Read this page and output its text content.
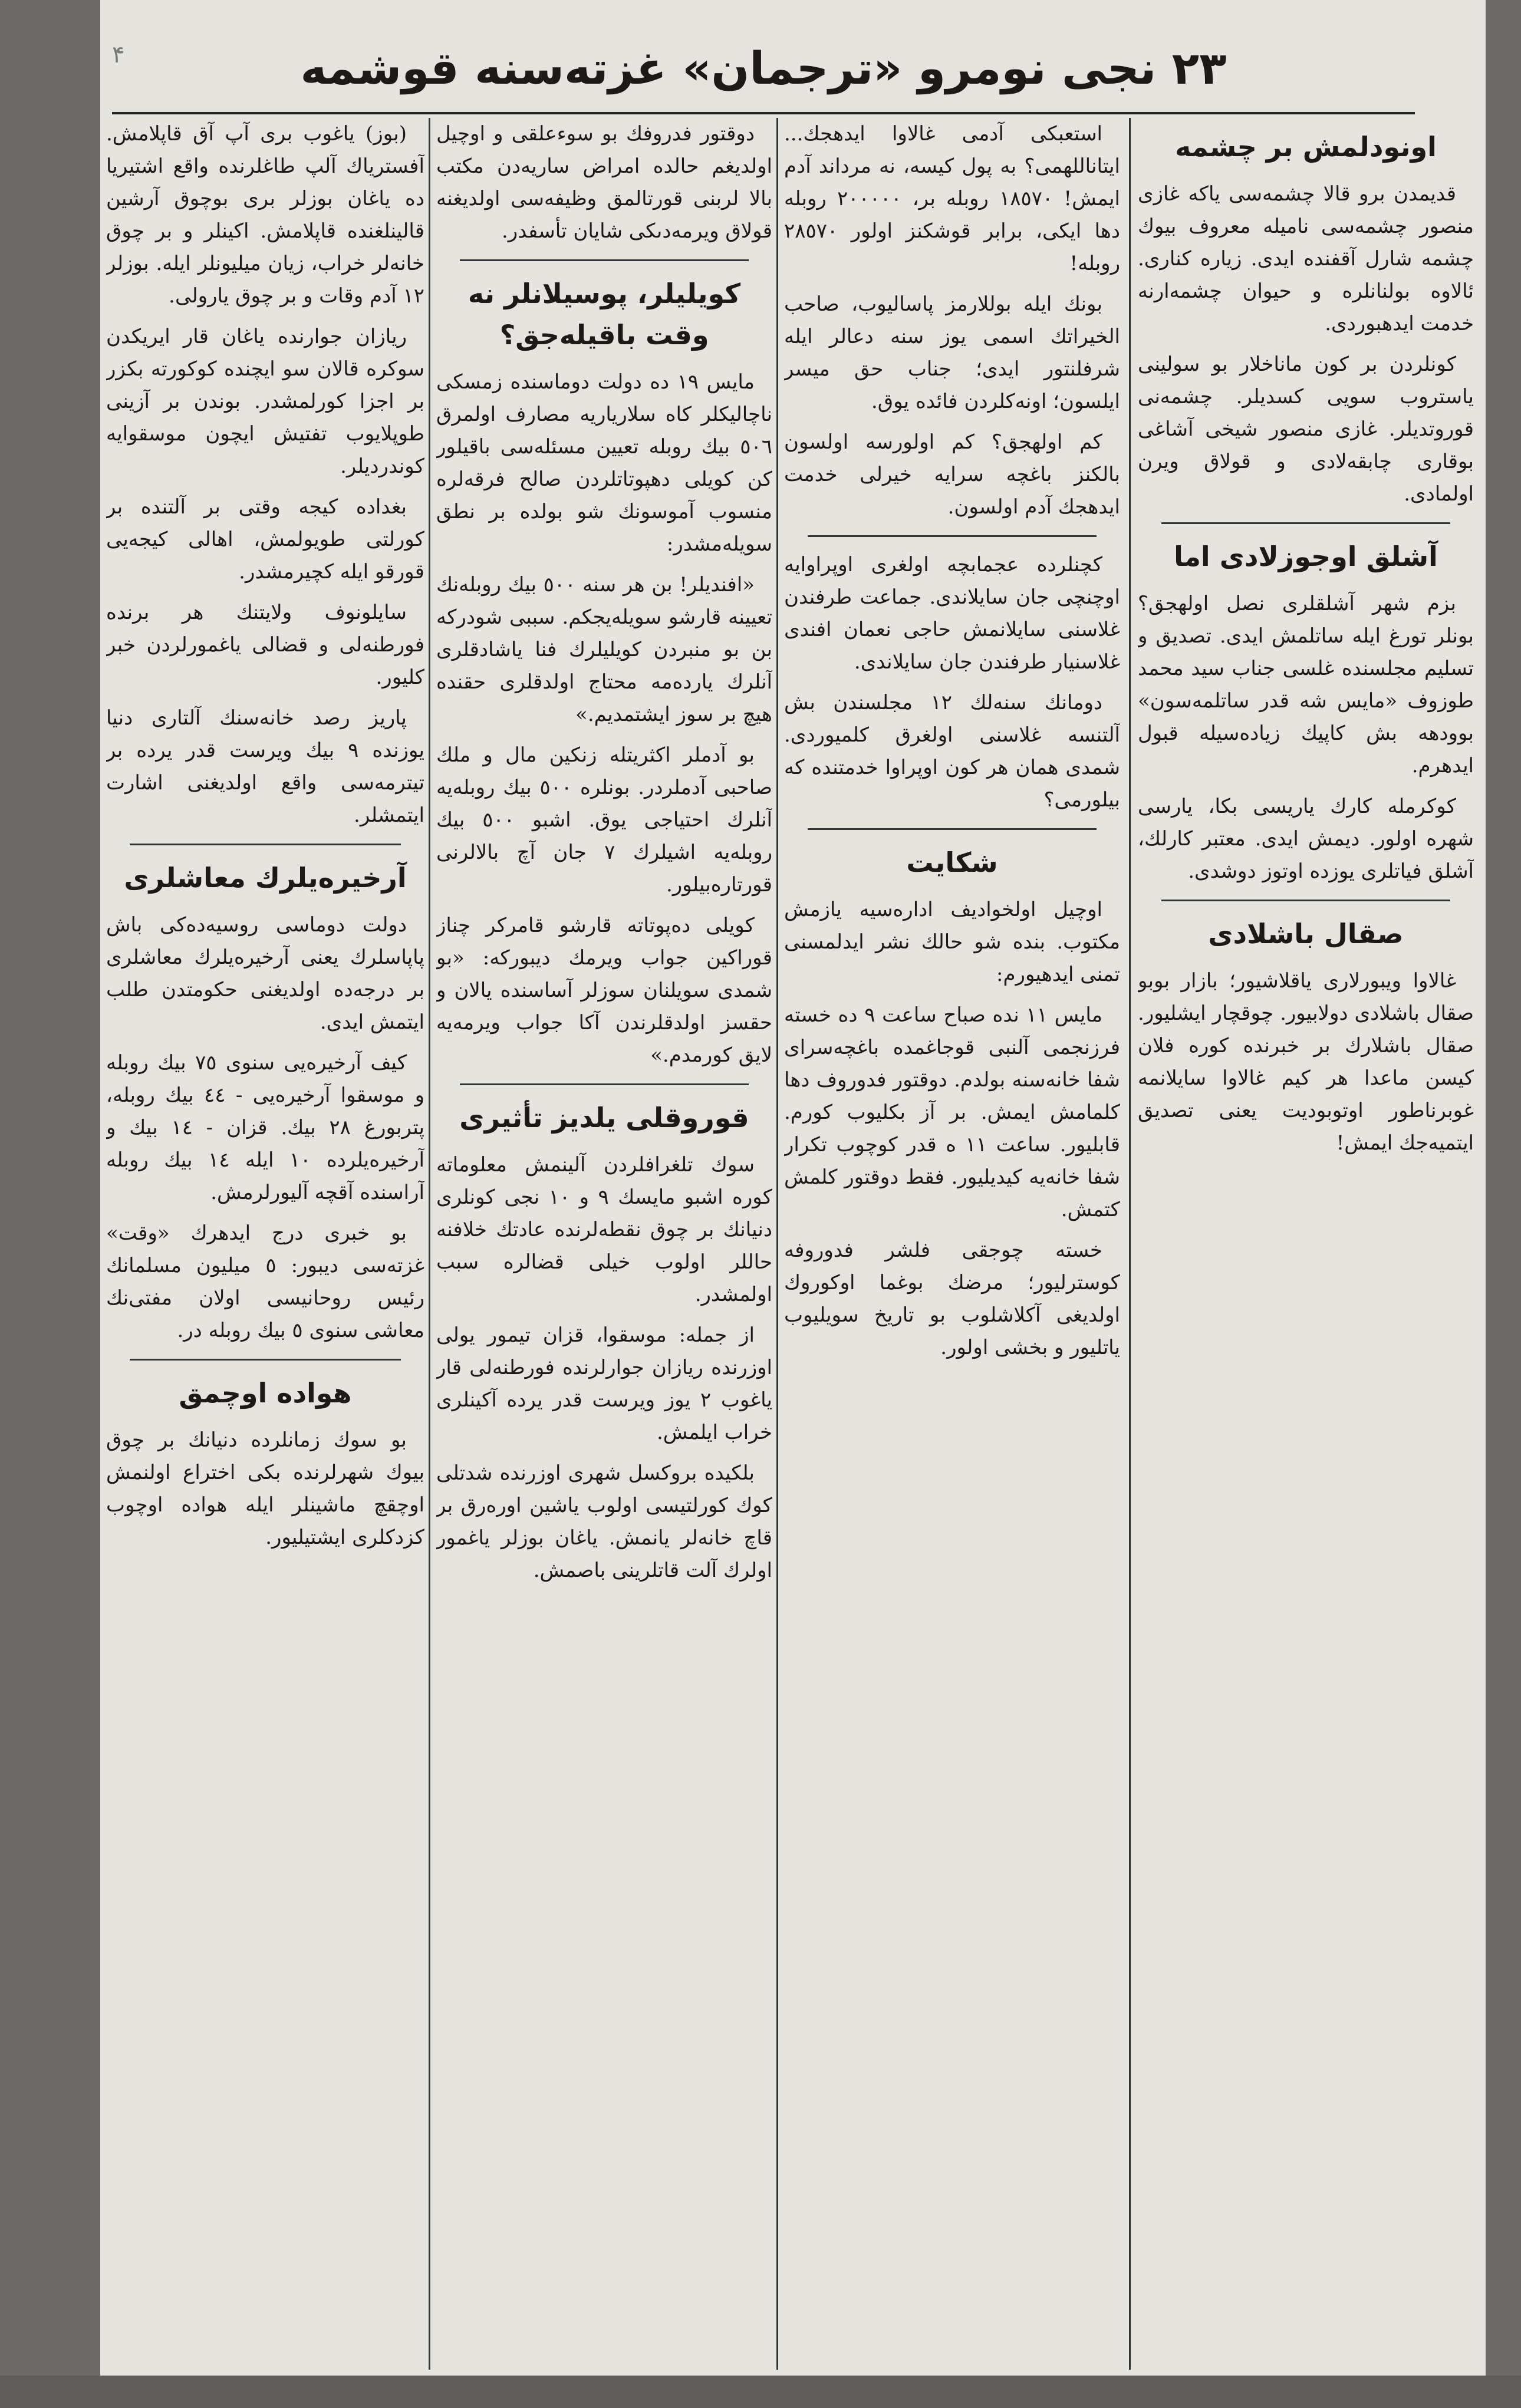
۴	٢٣ نجى نومرو «ترجمان» غزته‌سنه قوشمه
اونودلمش بر چشمه

قديمدن برو قالا چشمه‌سى ياكه غازى منصور چشمه‌سى نامیله معروف بیوك چشمه شارل آقفنده ايدى. زياره كنارى. ئالاوه بولنانلره و حیوان چشمه‌ارنه خدمت ايدهبوردى.

كونلردن بر كون ماناخلار بو سولینی یاستروب سویى کسدیلر. چشمه‌نى قوروتدیلر. غازى منصور شیخى آشاغى بوقارى چابقه‌لادى و قولاق ویرن اولمادى.

آشلق اوجوزلادى اما

بزم شهر آشلقلرى نصل اولهجق؟ بونلر تورغ ايله ساتلمش ايدى. تصديق و تسليم مجلسنده غلسى جناب سيد محمد طوزوف «مايس شه قدر ساتلمه‌سون» بوودهه بش كاپيك زياده‌سيله قبول ايدهرم.

كوكرمله كارك ياريسى بكا، يارسى شهره اولور. ديمش ايدى. معتبر كارلك، آشلق فياتلرى يوزده اوتوز دوشدى.

صقال باشلادى

غالاوا ويبورلارى ياقلاشيور؛ بازار بوبو صقال باشلادى دولابيور. چوقچار ايشليور. صقال باشلارك بر خبرنده كوره فلان كيسن ماعدا هر كيم غالاوا سايلانمه غوبرناطور اوتوبوديت يعنى تصديق ايتميه‌جك ايمش!

استعبكى آدمى غالاوا ايدهجك... ايتاناللهمى؟ به پول كیسه، نه مرداند آدم ايمش! ١٨٥٧٠ روبله بر، ٢٠٠٠٠٠ روبله دها ايكى، برابر قوشكنز اولور ٢٨٥٧٠ روبله!

بونك ايله بوللارمز پاساليوب، صاحب الخيراتك اسمى يوز سنه دعالر ايله شرفلنتور ايدى؛ جناب حق ميسر ايلسون؛ اونه‌كلردن فائده يوق.

كم اولهجق؟ كم اولورسه اولسون بالكنز باغچه سرايه خيرلى خدمت ايدهجك آدم اولسون.

كچنلرده عجمابچه اولغرى اوپراوايه اوچنچى جان سايلاندى. جماعت طرفندن غلاسنى سايلانمش حاجى نعمان افندى غلاسنيار طرفندن جان سايلاندى.

دومانك سنه‌لك ١٢ مجلسندن بش آلتنسه غلاسنى اولغرق كلميوردى. شمدى همان هر كون اوپراوا خدمتنده كه بيلورمى؟

شكايت

اوچيل اولخواديف اداره‌سيه يازمش مكتوب. بنده شو حالك نشر ايدلمسنى تمنى ايدهيورم:

مايس ١١ نده صباح ساعت ٩ ده خسته فرزنجمى آلنبى قوجاغمده باغچه‌سراى شفا خانه‌سنه بولدم. دوقتور فدوروف دها كلمامش ايمش. بر آز بكليوب كورم. قابليور. ساعت ١١ ه قدر كوچوب تكرار شفا خانه‌يه كيد‌يليور. فقط دوقتور كلمش كتمش.

خسته چوجقى فلشر فدوروفه كوسترليور؛ مرضك بوغما اوكوروك اولديغى آكلاشلوب بو تاريخ سويليوب ياتليور و بخشى اولور.

دوقتور فدروفك بو سوءعلقى و اوچيل اولديغم حالده امراض ساريه‌دن مكتب بالا لربنى قورتالمق وظيفه‌سى اولديغنه قولاق ويرمه‌دىكى شايان تأسفدر.

كويليلر، پوسيلانلر نه وقت باقيله‌جق؟

مايس ١٩ ده دولت دوماسنده زمسكى ناچاليكلر كاه سلارياريه مصارف اولمرق ٥٠٦ بيك روبله تعيين مسئله‌سى باقيلور كن كويلى دهپوتاتلردن صالح فرقه‌لره منسوب آموسونك شو بولده بر نطق سويله‌مشدر:

«افنديلر! بن هر سنه ٥٠٠ بيك روبله‌نك تعيينه قارشو سويله‌يجكم. سببى شودركه بن بو منبردن كويليلرك فنا ياشادقلرى آنلرك يارده‌مه محتاج اولدقلرى حقنده هيچ بر سوز ايشتمديم.»

بو آدملر اكثريتله زنكين مال و ملك صاحبى آدملردر. بونلره ٥٠٠ بيك روبله‌يه آنلرك احتياجى يوق. اشبو ٥٠٠ بيك روبله‌يه اشيلرك ٧ جان آچ بالالرنى قورتاره‌بيلور.

كويلى ده‌پوتاته قارشو قامركر چناز قوراكين جواب ويرمك ديبوركه: «بو شمدى سويلنان سوزلر آساسنده يالان و حقسز اولدقلرندن آكا جواب ويرمه‌يه لايق كورمدم.»

قوروقلى يلديز تأثيرى

سوك تلغرافلردن آلينمش معلوماته كوره اشبو مايسك ٩ و ١٠ نجى كونلرى دنيانك بر چوق نقطه‌لرنده عادتك خلافنه حاللر اولوب خيلى قضالره سبب اولمشدر.

از جمله: موسقوا، قزان تيمور يولى اوزرنده ريازان جوارلرنده فورطنه‌لى قار ياغوب ٢ يوز ويرست قدر يرده آكينلرى خراب ايلمش.

بلكيده بروكسل شهرى اوزرنده شدتلى كوك كورلتيسى اولوب ياشين اوره‌رق بر قاچ خانه‌لر يانمش. ياغان بوزلر ياغمور اولرك آلت قاتلرينى باصمش.

(بوز) ياغوب برى آپ آق قاپلامش. آفسترياك آلپ طاغلرنده واقع اشتيريا ده ياغان بوزلر برى بوچوق آرشين قالينلغنده قاپلامش. اكينلر و بر چوق خانه‌لر خراب، زيان ميليونلر ايله. بوزلر ١٢ آدم وقات و بر چوق يارولى.

ريازان جوارنده ياغان قار ايريكدن سوكره قالان سو ايچنده كوكورته بكزر بر اجزا كورلمشدر. بوندن بر آزينى طوپلايوب تفتيش ايچون موسقوايه كوندرديلر.

بغداده كيجه وقتى بر آلتنده بر كورلتى طويولمش، اهالى كيجه‌يى قورقو ايله كچيرمشدر.

سايلونوف ولايتنك هر برنده فورطنه‌لى و قضالى ياغمورلردن خبر كليور.

پاريز رصد خانه‌سنك آلتارى دنيا يوزنده ٩ بيك ويرست قدر يرده بر تيترمه‌سى واقع اولديغنى اشارت ايتمشلر.

آرخيره‌يلرك معاشلرى

دولت دوماسى روسيه‌ده‌كى باش پاپاسلرك يعنى آرخيره‌يلرك معاشلرى بر درجه‌ده اولديغنى حكومتدن طلب ايتمش ايدى.

كيف آرخيره‌يى سنوى ٧٥ بيك روبله و موسقوا آرخيره‌يى - ٤٤ بيك روبله، پتربورغ ٢٨ بيك. قزان - ١٤ بيك و آرخيره‌يلرده ١٠ ايله ١٤ بيك روبله آراسنده آقچه آليورلرمش.

بو خبرى درج ايدهرك «وقت» غزته‌سى ديبور: ٥ ميليون مسلمانك رئيس روحانيسى اولان مفتى‌نك معاشى سنوى ٥ بيك روبله در.

هواده اوچمق

بو سوك زمانلرده دنيانك بر چوق بيوك شهرلرنده بكى اختراع اولنمش اوچقچ ماشينلر ايله هواده اوچوب كزدكلرى ايشتيليور.
